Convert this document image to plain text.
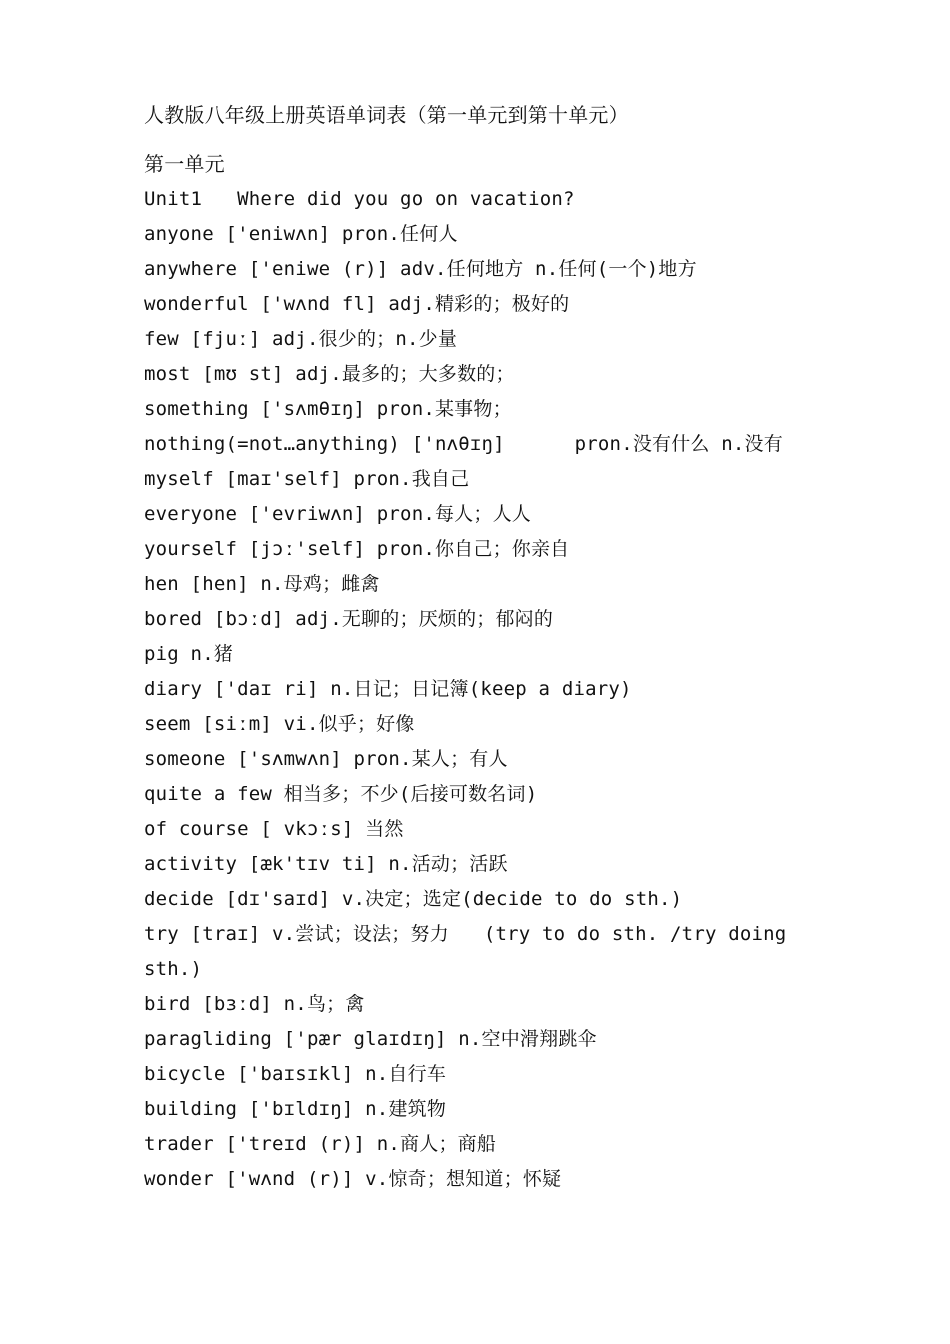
人教版八年级上册英语单词表（第一单元到第十单元）
第一单元
Unit1   Where did you go on vacation?
anyone ['eniwʌn] pron.任何人
anywhere ['eniwe (r)] adv.任何地方 n.任何(一个)地方
wonderful ['wʌnd fl] adj.精彩的；极好的
few [fjuː] adj.很少的；n.少量
most [mʊ st] adj.最多的；大多数的；
something ['sʌmθɪŋ] pron.某事物；
nothing(=not…anything) ['nʌθɪŋ]      pron.没有什么 n.没有
myself [maɪ'self] pron.我自己
everyone ['evriwʌn] pron.每人；人人
yourself [jɔː'self] pron.你自己；你亲自
hen [hen] n.母鸡；雌禽
bored [bɔːd] adj.无聊的；厌烦的；郁闷的
pig n.猪
diary ['daɪ ri] n.日记；日记簿(keep a diary)
seem [siːm] vi.似乎；好像
someone ['sʌmwʌn] pron.某人；有人
quite a few 相当多；不少(后接可数名词)
of course [ vkɔːs] 当然
activity [æk'tɪv ti] n.活动；活跃
decide [dɪ'saɪd] v.决定；选定(decide to do sth.)
try [traɪ] v.尝试；设法；努力   (try to do sth. /try doing sth.)
bird [bɜːd] n.鸟；禽
paragliding ['pær glaɪdɪŋ] n.空中滑翔跳伞
bicycle ['baɪsɪkl] n.自行车
building ['bɪldɪŋ] n.建筑物
trader ['treɪd (r)] n.商人；商船
wonder ['wʌnd (r)] v.惊奇；想知道；怀疑
